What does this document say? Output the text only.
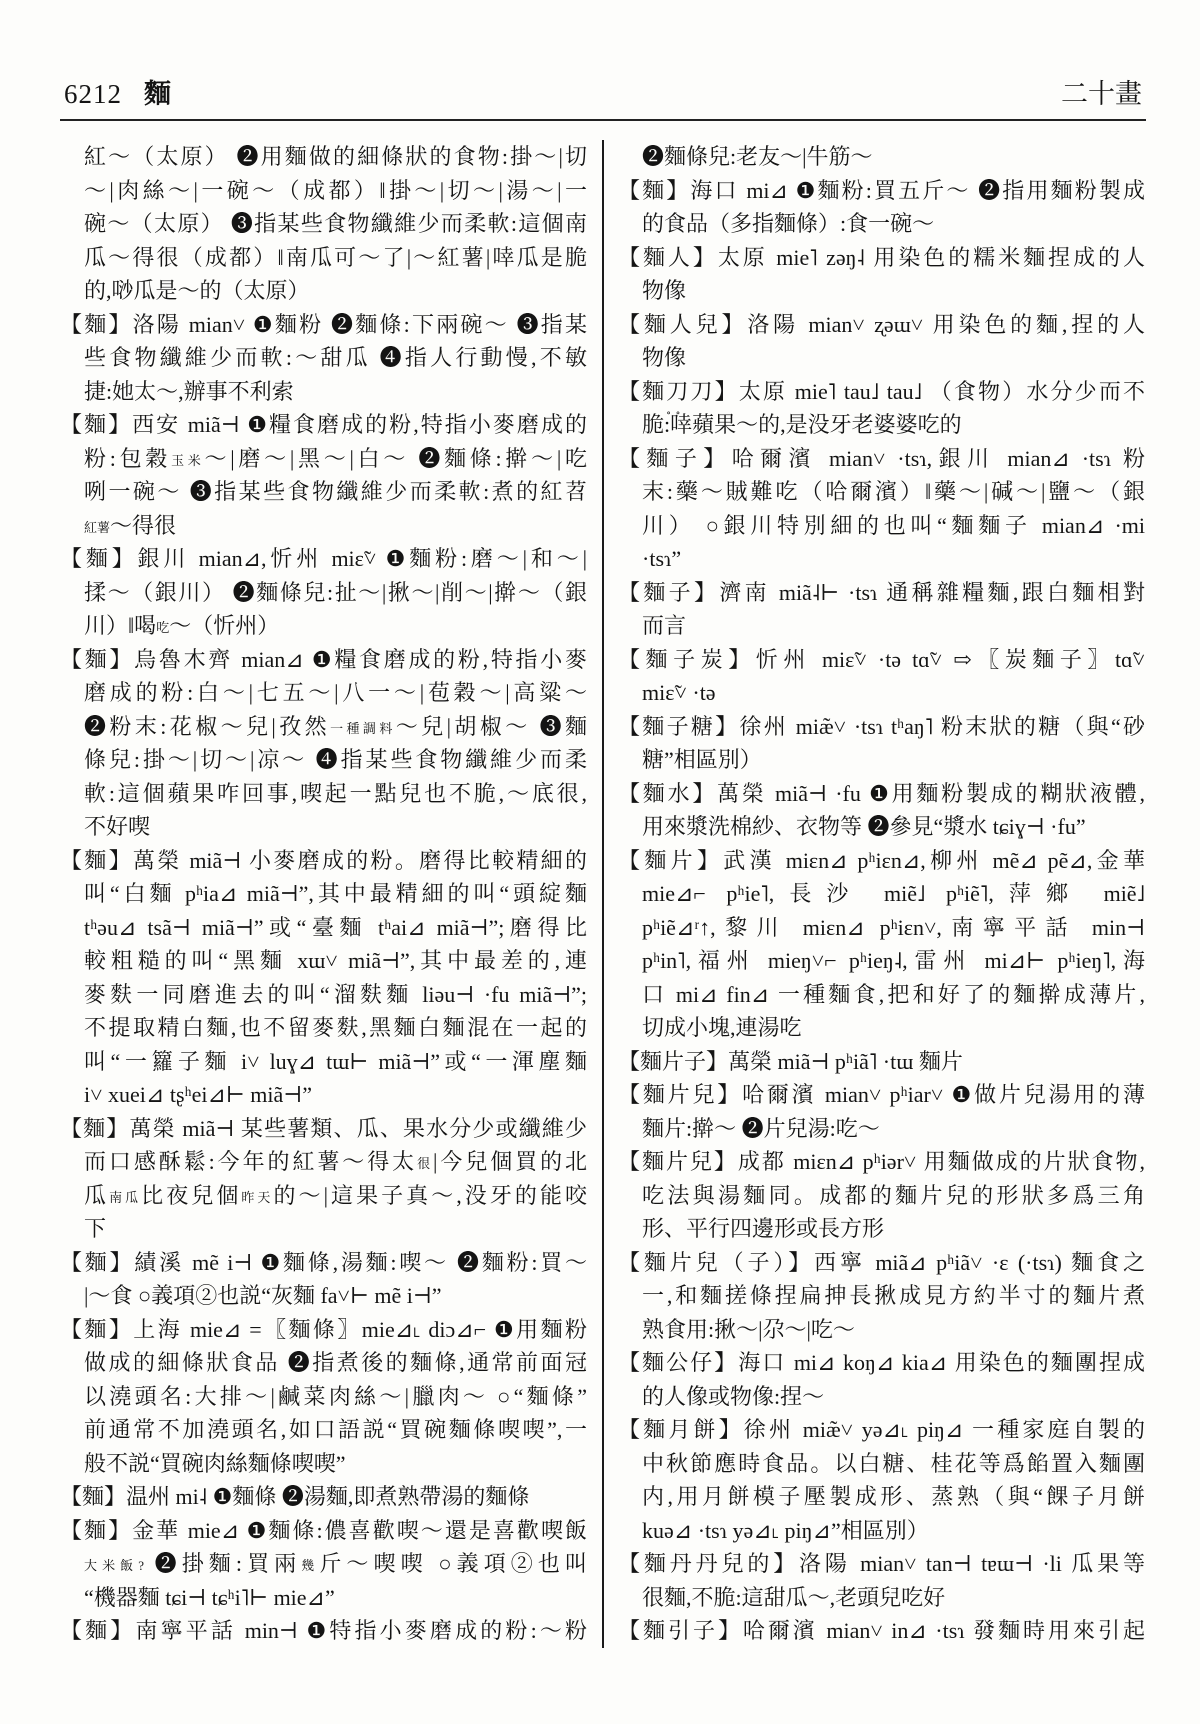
6212 麵	二十畫
紅～（太原） ❷用麵做的細條狀的食物:掛～|切
～|肉絲～|一碗～（成都）‖掛～|切～|湯～|一
碗～（太原） ❸指某些食物纖維少而柔軟:這個南
瓜～得很（成都）‖南瓜可～了|～紅薯|啈瓜是脆
的,唦瓜是～的（太原）
【麵】洛陽 mian˅ ❶麵粉 ❷麵條:下兩碗～ ❸指某
些食物纖維少而軟:～甜瓜 ❹指人行動慢,不敏
捷:她太～,辦事不利索
【麵】西安 miã⊣ ❶糧食磨成的粉,特指小麥磨成的
粉:包穀玉米～|磨～|黑～|白～ ❷麵條:擀～|吃
咧一碗～ ❸指某些食物纖維少而柔軟:煮的紅苕
紅薯～得很
【麵】銀川 mian⊿,忻州 miɛ̃˅ ❶麵粉:磨～|和～|
揉～（銀川） ❷麵條兒:扯～|揪～|削～|擀～（銀
川）‖喝吃～（忻州）
【麵】烏魯木齊 mian⊿ ❶糧食磨成的粉,特指小麥
磨成的粉:白～|七五～|八一～|苞穀～|高粱～
❷粉末:花椒～兒|孜然一種調料～兒|胡椒～ ❸麵
條兒:掛～|切～|凉～ ❹指某些食物纖維少而柔
軟:這個蘋果咋回事,喫起一點兒也不脆,～底很,
不好喫
【麵】萬榮 miã⊣ 小麥磨成的粉。磨得比較精細的
叫“白麵 pʰia⊿ miã⊣”,其中最精細的叫“頭綻麵
tʰəu⊿ tsã⊣ miã⊣”或“臺麵 tʰai⊿ miã⊣”;磨得比
較粗糙的叫“黑麵 xɯ˅ miã⊣”,其中最差的,連
麥麩一同磨進去的叫“溜麩麵 liəu⊣ ·fu miã⊣”;
不提取精白麵,也不留麥麩,黑麵白麵混在一起的
叫“一籮子麵 i˅ luɣ⊿ tɯ⊢ miã⊣”或“一渾塵麵
i˅ xuei⊿ tʂʰei⊿⊢ miã⊣”
【麵】萬榮 miã⊣ 某些薯類、瓜、果水分少或纖維少
而口感酥鬆:今年的紅薯～得太很|今兒個買的北
瓜南瓜比夜兒個昨天的～|這果子真～,没牙的能咬
下
【麵】績溪 mẽ i⊣ ❶麵條,湯麵:喫～ ❷麵粉:買～
|～食 ○義項②也説“灰麵 fa˅⊢ mẽ i⊣”
【麵】上海 mie⊿ =〖麵條〗mie⊿˪ diɔ⊿⌐ ❶用麵粉
做成的細條狀食品 ❷指煮後的麵條,通常前面冠
以澆頭名:大排～|鹹菜肉絲～|臘肉～ ○“麵條”
前通常不加澆頭名,如口語説“買碗麵條喫喫”,一
般不説“買碗肉絲麵條喫喫”
【麵】温州 mi˨ ❶麵條 ❷湯麵,即煮熟帶湯的麵條
【麵】金華 mie⊿ ❶麵條:儂喜歡喫～還是喜歡喫飯
大米飯? ❷掛麵:買兩幾斤～喫喫 ○義項②也叫
“機器麵 tɕi⊣ tɕʰi˥⊢ mie⊿”
【麵】南寧平話 min⊣ ❶特指小麥磨成的粉:～粉
❷麵條兒:老友～|牛筋～
【麵】海口 mi⊿ ❶麵粉:買五斤～ ❷指用麵粉製成
的食品（多指麵條）:食一碗～
【麵人】太原 mie˥ zəŋ˨ 用染色的糯米麵捏成的人
物像
【麵人兒】洛陽 mian˅ ʐəɯ˅ 用染色的麵,捏的人
物像
【麵刀刀】太原 mie˥ tau˩ tau˩ （食物）水分少而不
脆:∘ ∘ 啈蘋果～的,是没牙老婆婆吃的
【麵子】哈爾濱 mian˅ ·tsɿ,銀川 mian⊿ ·tsɿ 粉
末:藥～賊難吃（哈爾濱）‖藥～|碱～|鹽～（銀
川） ○銀川特別細的也叫“麵麵子 mian⊿ ·mi
·tsɿ”
【麵子】濟南 miã˨⊢ ·tsɿ 通稱雜糧麵,跟白麵相對
而言
【麵子炭】忻州 miɛ̃˅ ·tə tɑ̃˅ ⇨〖炭麵子〗tɑ̃˅
miɛ̃˅ ·tə
【麵子糖】徐州 miæ̃˅ ·tsɿ tʰaŋ˥ 粉末狀的糖（與“砂
糖”相區別）
【麵水】萬榮 miã⊣ ·fu ❶用麵粉製成的糊狀液體,
用來漿洗棉紗、衣物等 ❷參見“漿水 tɕiɣ⊣ ·fu”
【麵片】武漢 miɛn⊿ pʰiɛn⊿,柳州 mẽ⊿ pẽ⊿,金華
mie⊿⌐ pʰie˥,長沙 miẽ˩ pʰiẽ˥,萍鄉 miẽ˩
pʰiẽ⊿ʳ↑,黎川 miɛn⊿ pʰiɛn˅,南寧平話 min⊣
pʰin˥,福州 mieŋ˅⌐ pʰieŋ˨,雷州 mi⊿⊢ pʰieŋ˥,海
口 mi⊿ fin⊿ 一種麵食,把和好了的麵擀成薄片,
切成小塊,連湯吃
【麵片子】萬榮 miã⊣ pʰiã˥ ·tɯ 麵片
【麵片兒】哈爾濱 mian˅ pʰiar˅ ❶做片兒湯用的薄
麵片:擀～ ❷片兒湯:吃～
【麵片兒】成都 miɛn⊿ pʰiər˅ 用麵做成的片狀食物,
吃法與湯麵同。成都的麵片兒的形狀多爲三角
形、平行四邊形或長方形
【麵片兒（子）】西寧 miã⊿ pʰiã˅ ·ɛ (·tsɿ) 麵食之
一,和麵搓條捏扁抻長揪成見方約半寸的麵片煮
熟食用:揪～|尕～|吃～
【麵公仔】海口 mi⊿ koŋ⊿ kia⊿ 用染色的麵團捏成
的人像或物像:捏～
【麵月餅】徐州 miæ̃˅ yə⊿˪ piŋ⊿ 一種家庭自製的
中秋節應時食品。以白糖、桂花等爲餡置入麵團
内,用月餅模子壓製成形、蒸熟（與“餜子月餅
kuə⊿ ·tsɿ yə⊿˪ piŋ⊿”相區別）
【麵丹丹兒的】洛陽 mian˅ tan⊣ tɐɯ⊣ ·li 瓜果等
很麵,不脆:這甜瓜～,老頭兒吃好
【麵引子】哈爾濱 mian˅ in⊿ ·tsɿ 發麵時用來引起
